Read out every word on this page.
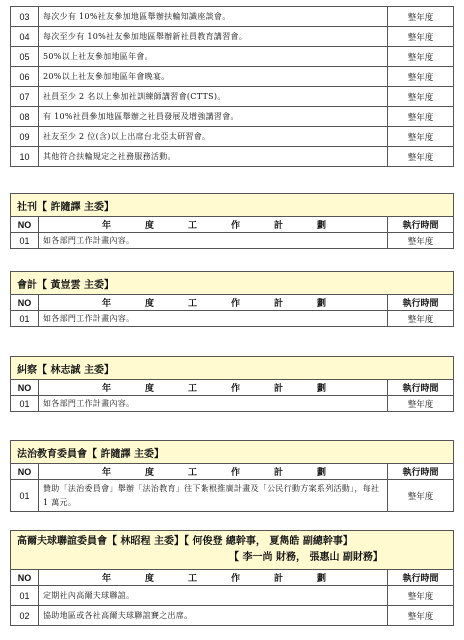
03	每次少有 10%社友參加地區舉辦扶輪知識座談會。	整年度
04	每次至少有 10%社友參加地區舉辦新社員教育講習會。	整年度
05	50%以上社友參加地區年會。	整年度
06	20%以上社友參加地區年會晚宴。	整年度
07	社員至少 2 名以上參加社訓練師講習會(CTTS)。	整年度
08	有 10%社員參加地區舉辦之社員發展及增強講習會。	整年度
09	社友至少 2 位(含)以上出席台北亞太研習會。	整年度
10	其他符合扶輪規定之社務服務活動。	整年度
社刊【 許隨譯 主委】		
NO	年度工作計劃	執行時間
01	如各部門工作計畫內容。	整年度
會計【 黃豈雲 主委】		
NO	年度工作計劃	執行時間
01	如各部門工作計畫內容。	整年度
糾察【 林志誠 主委】		
NO	年度工作計劃	執行時間
01	如各部門工作計畫內容。	整年度
法治教育委員會【 許隨譯 主委】		
NO	年度工作計劃	執行時間
01	贊助「法治委員會」舉辦「法治教育」往下紮根推廣計畫及「公民行動方案系列活動」，每社 1 萬元。	整年度
高爾夫球聯誼委員會【 林昭程 主委】【 何俊登 總幹事， 夏雋皓 副總幹事】
【 李一尚 財務， 張惠山 副財務】		

NO	年度工作計劃	執行時間
01	定期社內高爾夫球聯誼。	整年度
02	協助地區或各社高爾夫球聯誼賽之出席。	整年度
